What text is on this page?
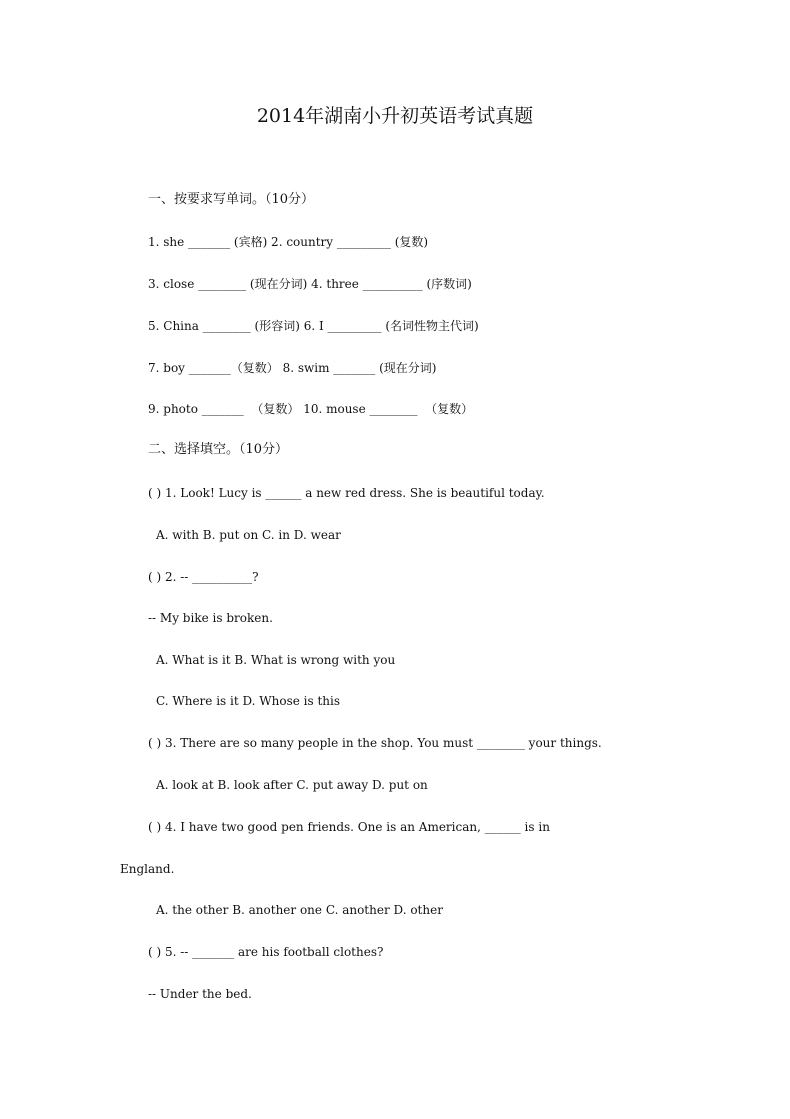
2014年湖南小升初英语考试真题
一、按要求写单词。（10分）
1. she _______ (宾格) 2. country _________ (复数)
3. close ________ (现在分词) 4. three __________ (序数词)
5. China ________ (形容词) 6. I _________ (名词性物主代词)
7. boy _______（复数） 8. swim _______ (现在分词)
9. photo _______  （复数） 10. mouse ________  （复数）
二、选择填空。（10分）
( ) 1. Look! Lucy is ______ a new red dress. She is beautiful today.
A. with B. put on C. in D. wear
( ) 2. -- __________?
-- My bike is broken.
A. What is it B. What is wrong with you
C. Where is it D. Whose is this
( ) 3. There are so many people in the shop. You must ________ your things.
A. look at B. look after C. put away D. put on
( ) 4. I have two good pen friends. One is an American, ______ is in
England.
A. the other B. another one C. another D. other
( ) 5. -- _______ are his football clothes?
-- Under the bed.
